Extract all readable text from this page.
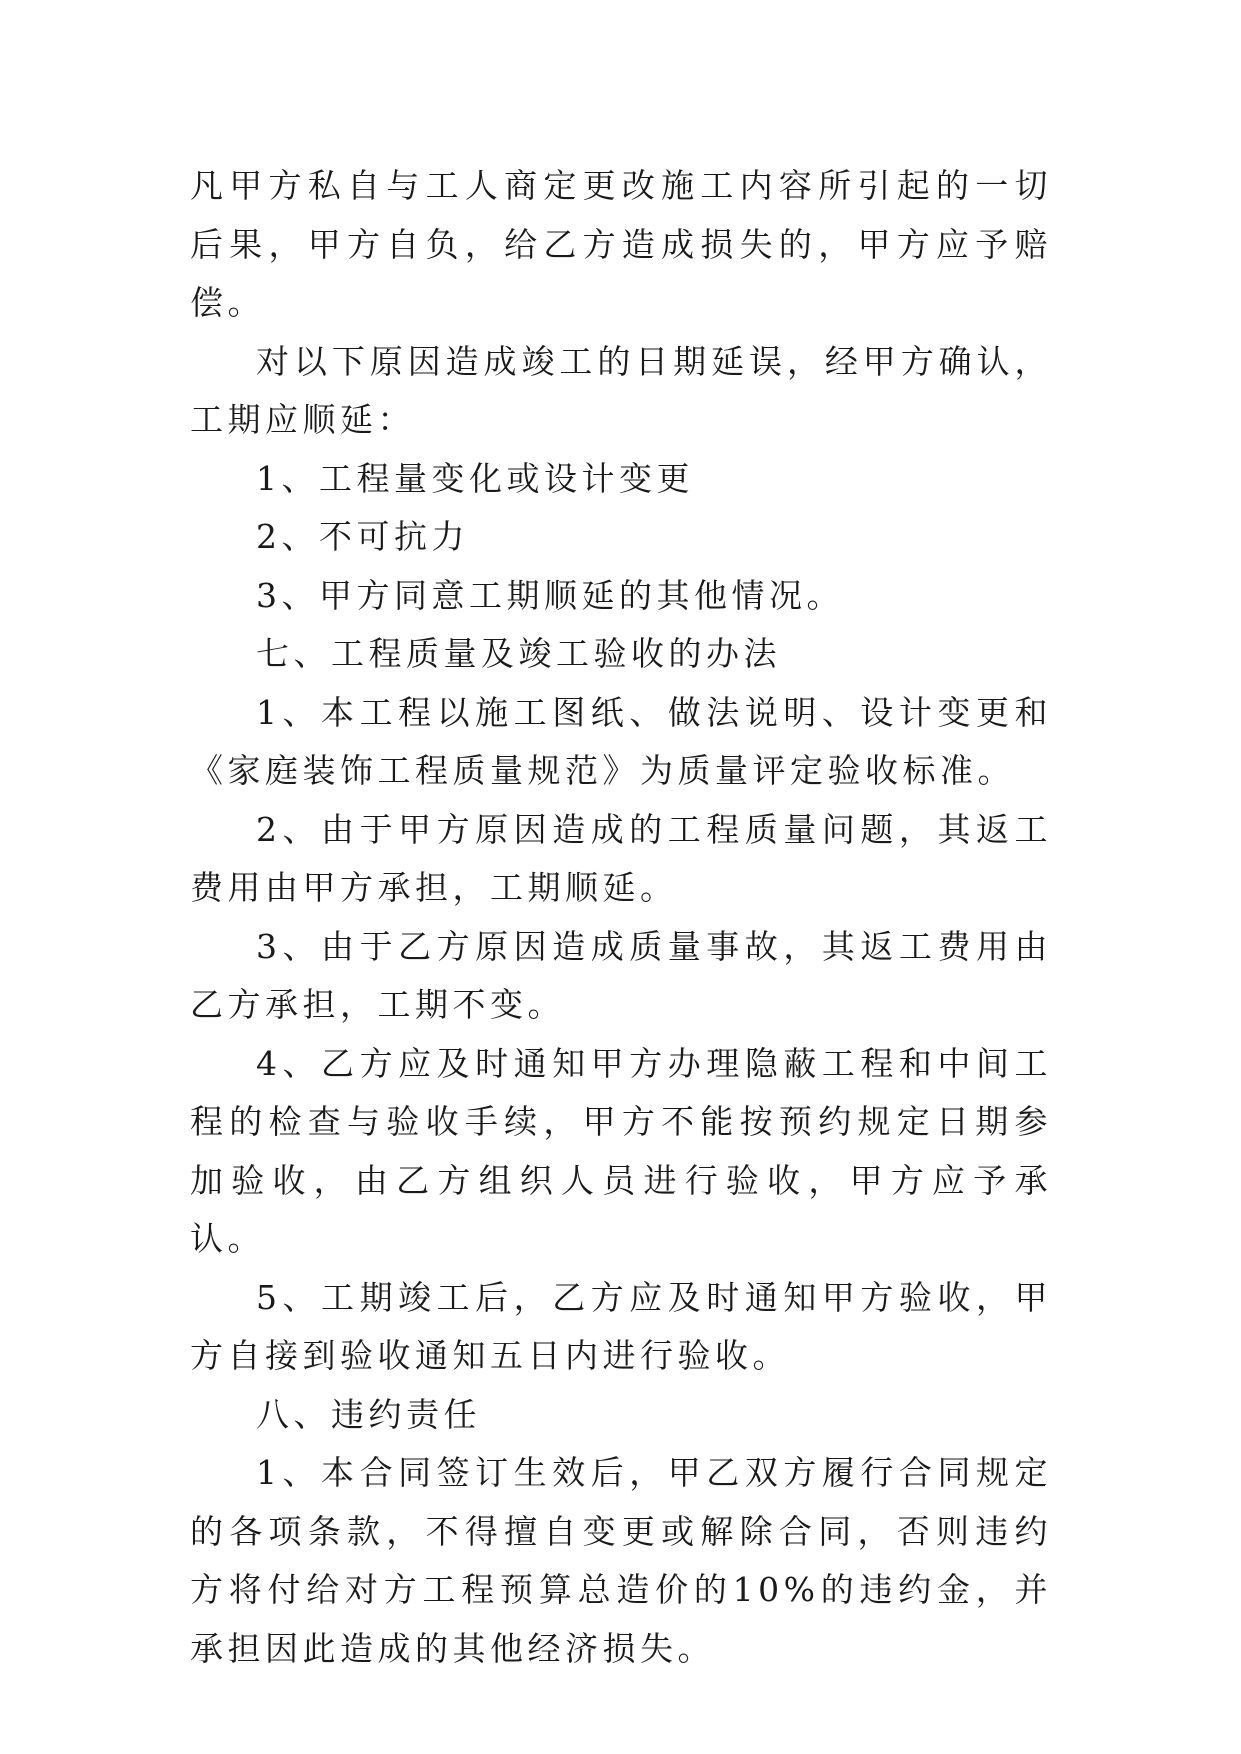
凡甲方私自与工人商定更改施工内容所引起的一切后果，甲方自负，给乙方造成损失的，甲方应予赔偿。

对以下原因造成竣工的日期延误，经甲方确认，工期应顺延：

1、工程量变化或设计变更

2、不可抗力

3、甲方同意工期顺延的其他情况。

七、工程质量及竣工验收的办法

1、本工程以施工图纸、做法说明、设计变更和《家庭装饰工程质量规范》为质量评定验收标准。

2、由于甲方原因造成的工程质量问题，其返工费用由甲方承担，工期顺延。

3、由于乙方原因造成质量事故，其返工费用由乙方承担，工期不变。

4、乙方应及时通知甲方办理隐蔽工程和中间工程的检查与验收手续，甲方不能按预约规定日期参加验收，由乙方组织人员进行验收，甲方应予承认。

5、工期竣工后，乙方应及时通知甲方验收，甲方自接到验收通知五日内进行验收。

八、违约责任

1、本合同签订生效后，甲乙双方履行合同规定的各项条款，不得擅自变更或解除合同，否则违约方将付给对方工程预算总造价的10%的违约金，并承担因此造成的其他经济损失。
